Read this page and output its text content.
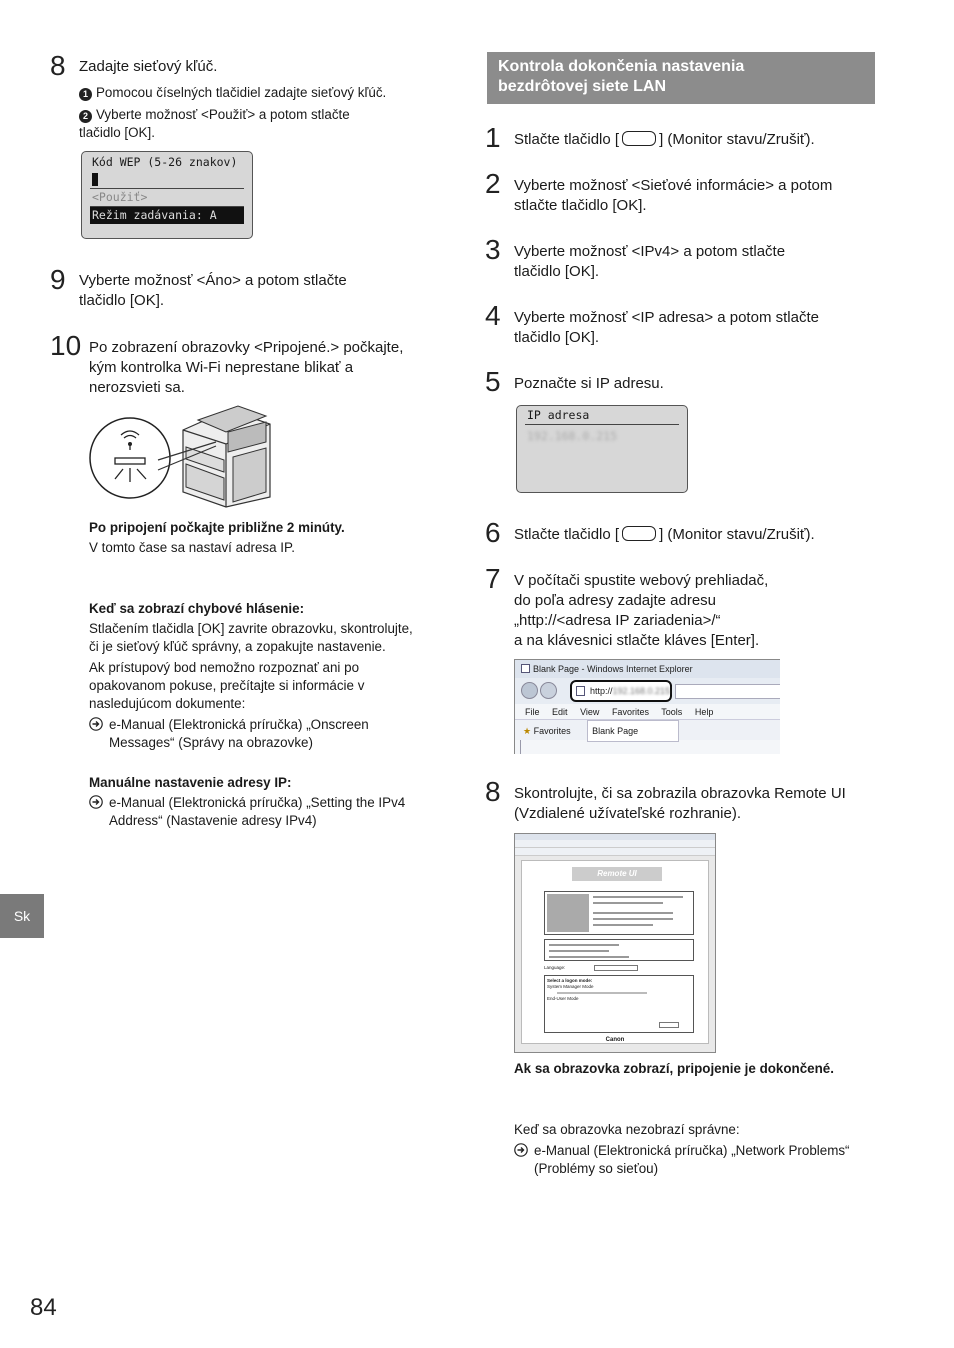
8 Zadajte sieťový kľúč.
1 Pomocou číselných tlačidiel zadajte sieťový kľúč.
2 Vyberte možnosť <Použiť> a potom stlačte
tlačidlo [OK].
Kód WEP (5-26 znakov)
<Použiť>
Režim zadávania: A
9 Vyberte možnosť <Áno> a potom stlačte
tlačidlo [OK].
10 Po zobrazení obrazovky <Pripojené.> počkajte,
kým kontrolka Wi-Fi neprestane blikať a
nerozsvieti sa.
Po pripojení počkajte približne 2 minúty.
V tomto čase sa nastaví adresa IP.
Keď sa zobrazí chybové hlásenie:
Stlačením tlačidla [OK] zavrite obrazovku, skontrolujte,
či je sieťový kľúč správny, a zopakujte nastavenie.
Ak prístupový bod nemožno rozpoznať ani po
opakovanom pokuse, prečítajte si informácie v
nasledujúcom dokumente:
e-Manual (Elektronická príručka) „Onscreen
Messages“ (Správy na obrazovke)
Manuálne nastavenie adresy IP:
e-Manual (Elektronická príručka) „Setting the IPv4
Address“ (Nastavenie adresy IPv4)
Kontrola dokončenia nastavenia
bezdrôtovej siete LAN
1 Stlačte tlačidlo [	] (Monitor stavu/Zrušiť).
2 Vyberte možnosť <Sieťové informácie> a potom
stlačte tlačidlo [OK].
3 Vyberte možnosť <IPv4> a potom stlačte
tlačidlo [OK].
4 Vyberte možnosť <IP adresa> a potom stlačte
tlačidlo [OK].
5 Poznačte si IP adresu.
IP adresa
192.168.0.215
6 Stlačte tlačidlo [	] (Monitor stavu/Zrušiť).
7 V počítači spustite webový prehliadač,
do poľa adresy zadajte adresu
„http://<adresa IP zariadenia>/“
a na klávesnici stlačte kláves [Enter].
Blank Page - Windows Internet Explorer
http://192.168.0.215
File Edit View Favorites Tools Help
★ Favorites Blank Page
8 Skontrolujte, či sa zobrazila obrazovka Remote UI
(Vzdialené užívateľské rozhranie).
Remote UI
Language:
Select a logon mode:
System Manager Mode
End-User Mode
Canon
Ak sa obrazovka zobrazí, pripojenie je dokončené.
Keď sa obrazovka nezobrazí správne:
e-Manual (Elektronická príručka) „Network Problems“
(Problémy so sieťou)
Sk
84
